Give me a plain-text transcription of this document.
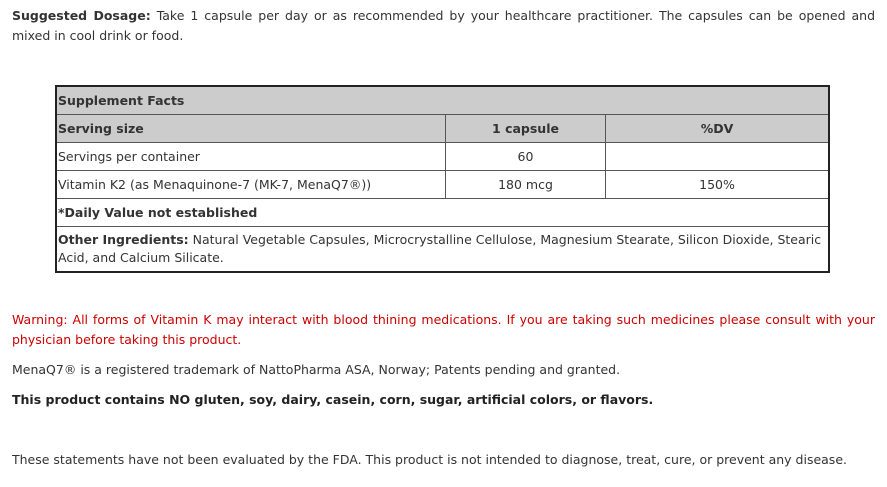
Suggested Dosage: Take 1 capsule per day or as recommended by your healthcare practitioner. The capsules can be opened and mixed in cool drink or food.

Supplement Facts		
Serving size	1 capsule	%DV
Servings per container	60	
Vitamin K2 (as Menaquinone-7 (MK-7, MenaQ7®))	180 mcg	150%
*Daily Value not established		
Other Ingredients: Natural Vegetable Capsules, Microcrystalline Cellulose, Magnesium Stearate, Silicon Dioxide, Stearic Acid, and Calcium Silicate.		

Warning: All forms of Vitamin K may interact with blood thining medications. If you are taking such medicines please consult with your physician before taking this product.

MenaQ7® is a registered trademark of NattoPharma ASA, Norway; Patents pending and granted.

This product contains NO gluten, soy, dairy, casein, corn, sugar, artificial colors, or flavors.

These statements have not been evaluated by the FDA. This product is not intended to diagnose, treat, cure, or prevent any disease.
